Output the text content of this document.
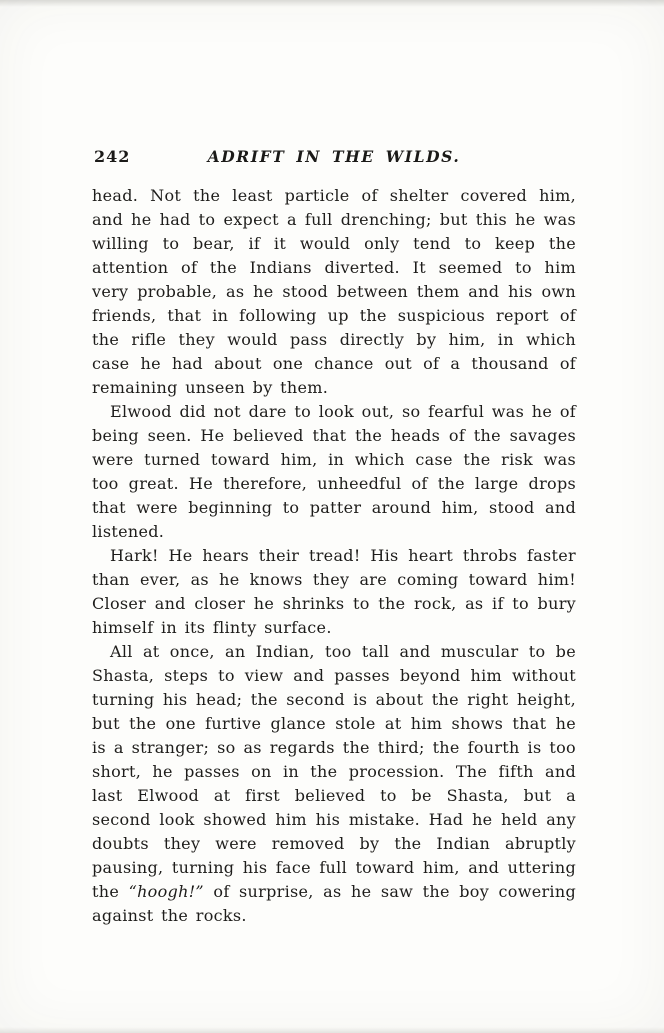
242	ADRIFT IN THE WILDS.

head. Not the least particle of shelter covered him, and he had to expect a full drenching; but this he was willing to bear, if it would only tend to keep the attention of the Indians diverted. It seemed to him very probable, as he stood between them and his own friends, that in following up the suspicious report of the rifle they would pass directly by him, in which case he had about one chance out of a thousand of remaining unseen by them.

Elwood did not dare to look out, so fearful was he of being seen. He believed that the heads of the savages were turned toward him, in which case the risk was too great. He therefore, unheedful of the large drops that were beginning to patter around him, stood and listened.

Hark! He hears their tread! His heart throbs faster than ever, as he knows they are coming toward him! Closer and closer he shrinks to the rock, as if to bury himself in its flinty surface.

All at once, an Indian, too tall and muscular to be Shasta, steps to view and passes beyond him without turning his head; the second is about the right height, but the one furtive glance stole at him shows that he is a stranger; so as regards the third; the fourth is too short, he passes on in the procession. The fifth and last Elwood at first believed to be Shasta, but a second look showed him his mistake. Had he held any doubts they were removed by the Indian abruptly pausing, turning his face full toward him, and uttering the “hoogh!” of surprise, as he saw the boy cowering against the rocks.
